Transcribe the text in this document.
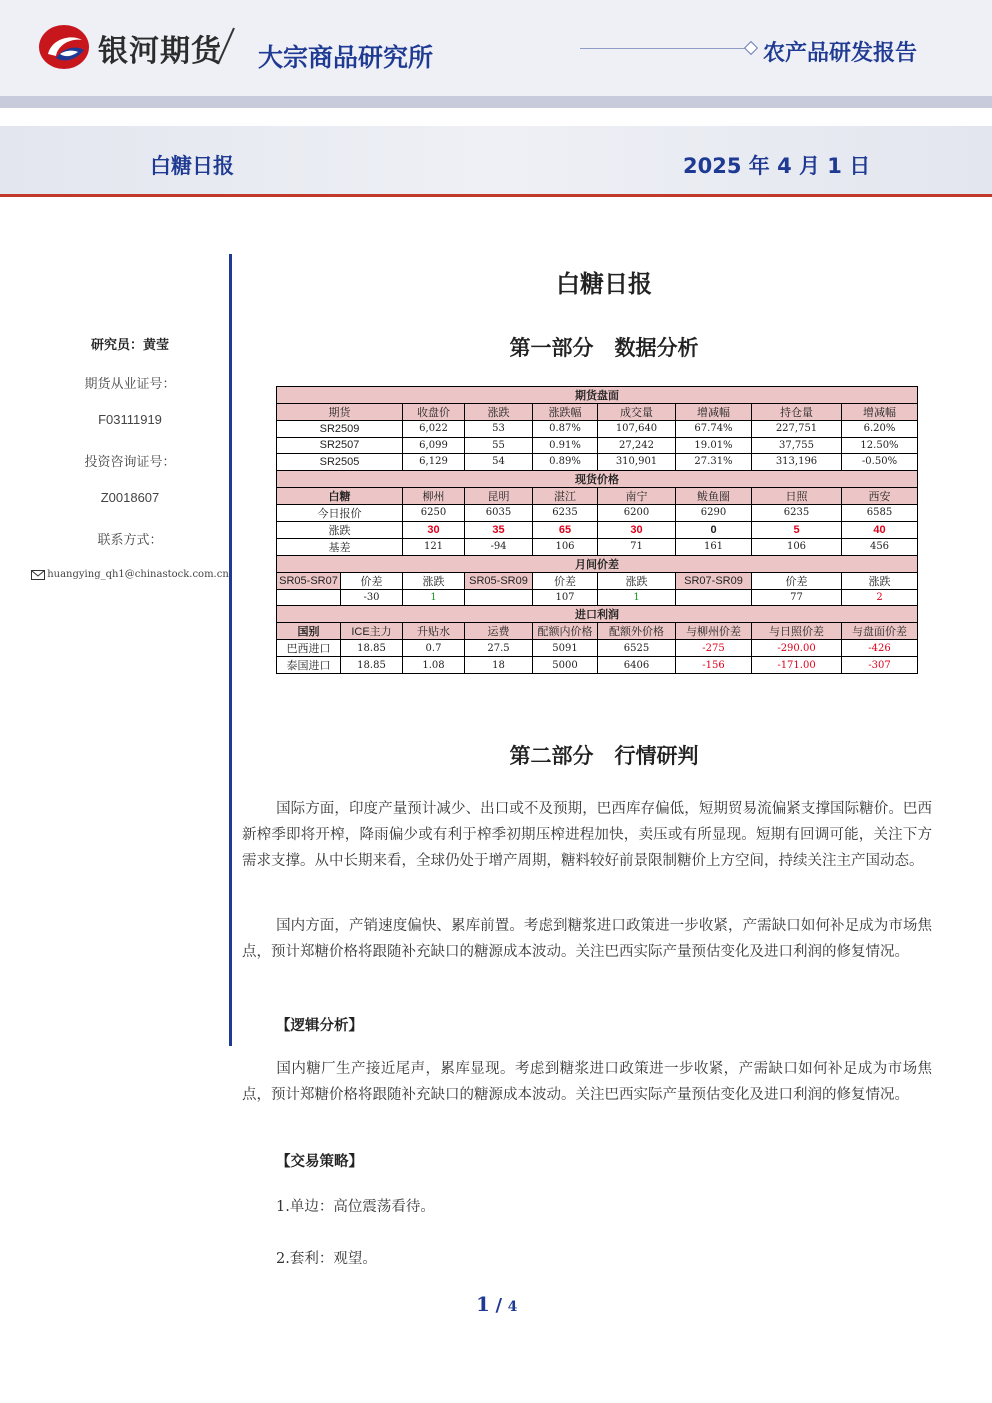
银河期货 大宗商品研究所	农产品研发报告
白糖日报	2025 年 4 月 1 日
研究员：黄莹
期货从业证号：
F03111919
投资咨询证号：
Z0018607
联系方式：
huangying_qh1@chinastock.com.cn
白糖日报
第一部分　数据分析
期货盘面								
期货		收盘价	涨跌	涨跌幅	成交量	增减幅	持仓量	增减幅
SR2509		6,022	53	0.87%	107,640	67.74%	227,751	6.20%
SR2507		6,099	55	0.91%	27,242	19.01%	37,755	12.50%
SR2505		6,129	54	0.89%	310,901	27.31%	313,196	-0.50%
现货价格								
白糖		柳州	昆明	湛江	南宁	鲅鱼圈	日照	西安
今日报价		6250	6035	6235	6200	6290	6235	6585
涨跌		30	35	65	30	0	5	40
基差		121	-94	106	71	161	106	456
月间价差								
SR05-SR07	价差	涨跌	SR05-SR09	价差	涨跌	SR07-SR09	价差	涨跌
	-30	1		107	1		77	2
进口利润								
国别	ICE主力	升贴水	运费	配额内价格	配额外价格	与柳州价差	与日照价差	与盘面价差
巴西进口	18.85	0.7	27.5	5091	6525	-275	-290.00	-426
泰国进口	18.85	1.08	18	5000	6406	-156	-171.00	-307
第二部分　行情研判
国际方面，印度产量预计减少、出口或不及预期，巴西库存偏低，短期贸易流偏紧支撑国际糖价。巴西新榨季即将开榨，降雨偏少或有利于榨季初期压榨进程加快，卖压或有所显现。短期有回调可能，关注下方需求支撑。从中长期来看，全球仍处于增产周期，糖料较好前景限制糖价上方空间，持续关注主产国动态。
国内方面，产销速度偏快、累库前置。考虑到糖浆进口政策进一步收紧，产需缺口如何补足成为市场焦点，预计郑糖价格将跟随补充缺口的糖源成本波动。关注巴西实际产量预估变化及进口利润的修复情况。
【逻辑分析】
国内糖厂生产接近尾声，累库显现。考虑到糖浆进口政策进一步收紧，产需缺口如何补足成为市场焦点，预计郑糖价格将跟随补充缺口的糖源成本波动。关注巴西实际产量预估变化及进口利润的修复情况。
【交易策略】
1.单边：高位震荡看待。
2.套利：观望。
1 / 4
